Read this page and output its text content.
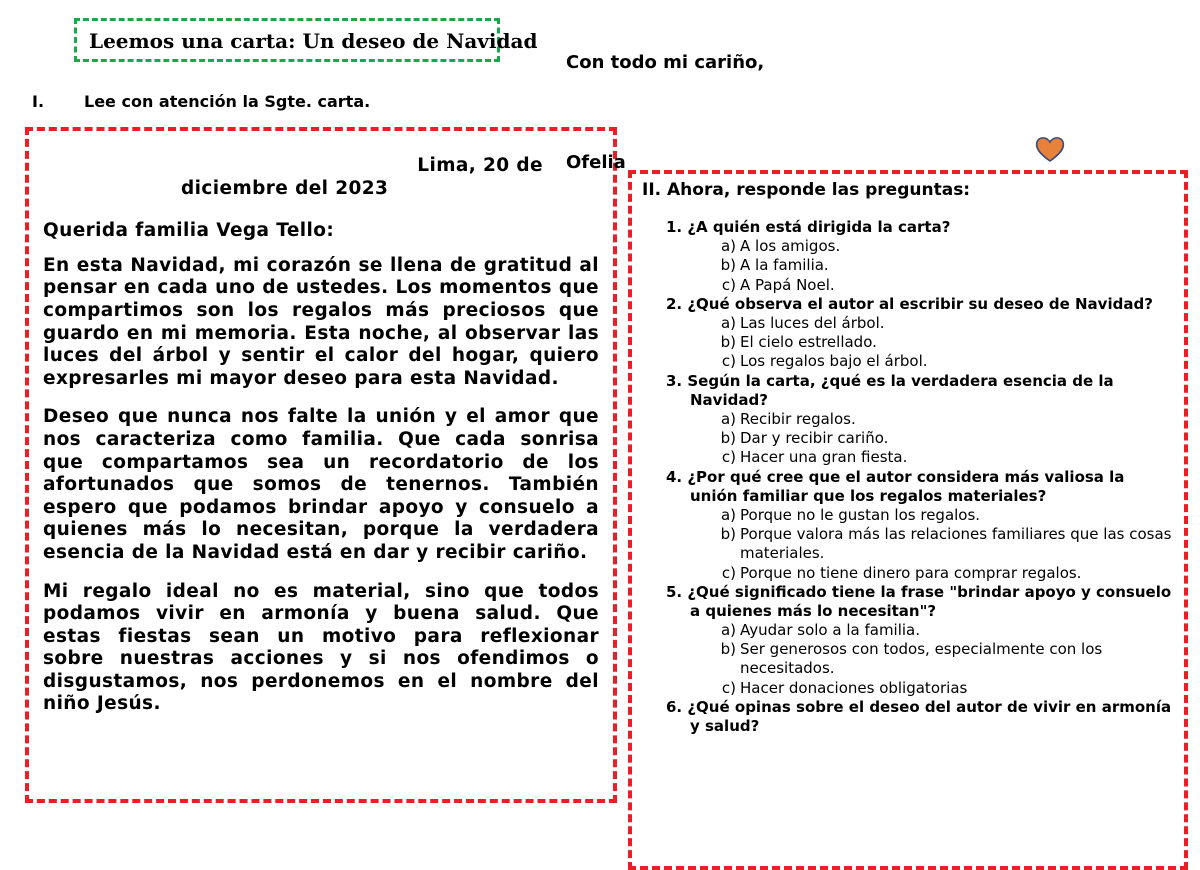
Leemos una carta: Un deseo de Navidad
Con todo mi cariño,
I. Lee con atención la Sgte. carta.
Lima, 20 de
diciembre del 2023
Querida familia Vega Tello:

En esta Navidad, mi corazón se llena de gratitud al pensar en cada uno de ustedes. Los momentos que compartimos son los regalos más preciosos que guardo en mi memoria. Esta noche, al observar las luces del árbol y sentir el calor del hogar, quiero expresarles mi mayor deseo para esta Navidad.

Deseo que nunca nos falte la unión y el amor que nos caracteriza como familia. Que cada sonrisa que compartamos sea un recordatorio de los afortunados que somos de tenernos. También espero que podamos brindar apoyo y consuelo a quienes más lo necesitan, porque la verdadera esencia de la Navidad está en dar y recibir cariño.

Mi regalo ideal no es material, sino que todos podamos vivir en armonía y buena salud. Que estas fiestas sean un motivo para reflexionar sobre nuestras acciones y si nos ofendimos o disgustamos, nos perdonemos en el nombre del niño Jesús.

Ofelia
II. Ahora, responde las preguntas:
1. ¿A quién está dirigida la carta?
a) A los amigos.
b) A la familia.
c) A Papá Noel.
2. ¿Qué observa el autor al escribir su deseo de Navidad?
a) Las luces del árbol.
b) El cielo estrellado.
c) Los regalos bajo el árbol.
3. Según la carta, ¿qué es la verdadera esencia de la Navidad?
a) Recibir regalos.
b) Dar y recibir cariño.
c) Hacer una gran fiesta.
4. ¿Por qué cree que el autor considera más valiosa la unión familiar que los regalos materiales?
a) Porque no le gustan los regalos.
b) Porque valora más las relaciones familiares que las cosas materiales.
c) Porque no tiene dinero para comprar regalos.
5. ¿Qué significado tiene la frase "brindar apoyo y consuelo a quienes más lo necesitan"?
a) Ayudar solo a la familia.
b) Ser generosos con todos, especialmente con los necesitados.
c) Hacer donaciones obligatorias
6. ¿Qué opinas sobre el deseo del autor de vivir en armonía y salud?
